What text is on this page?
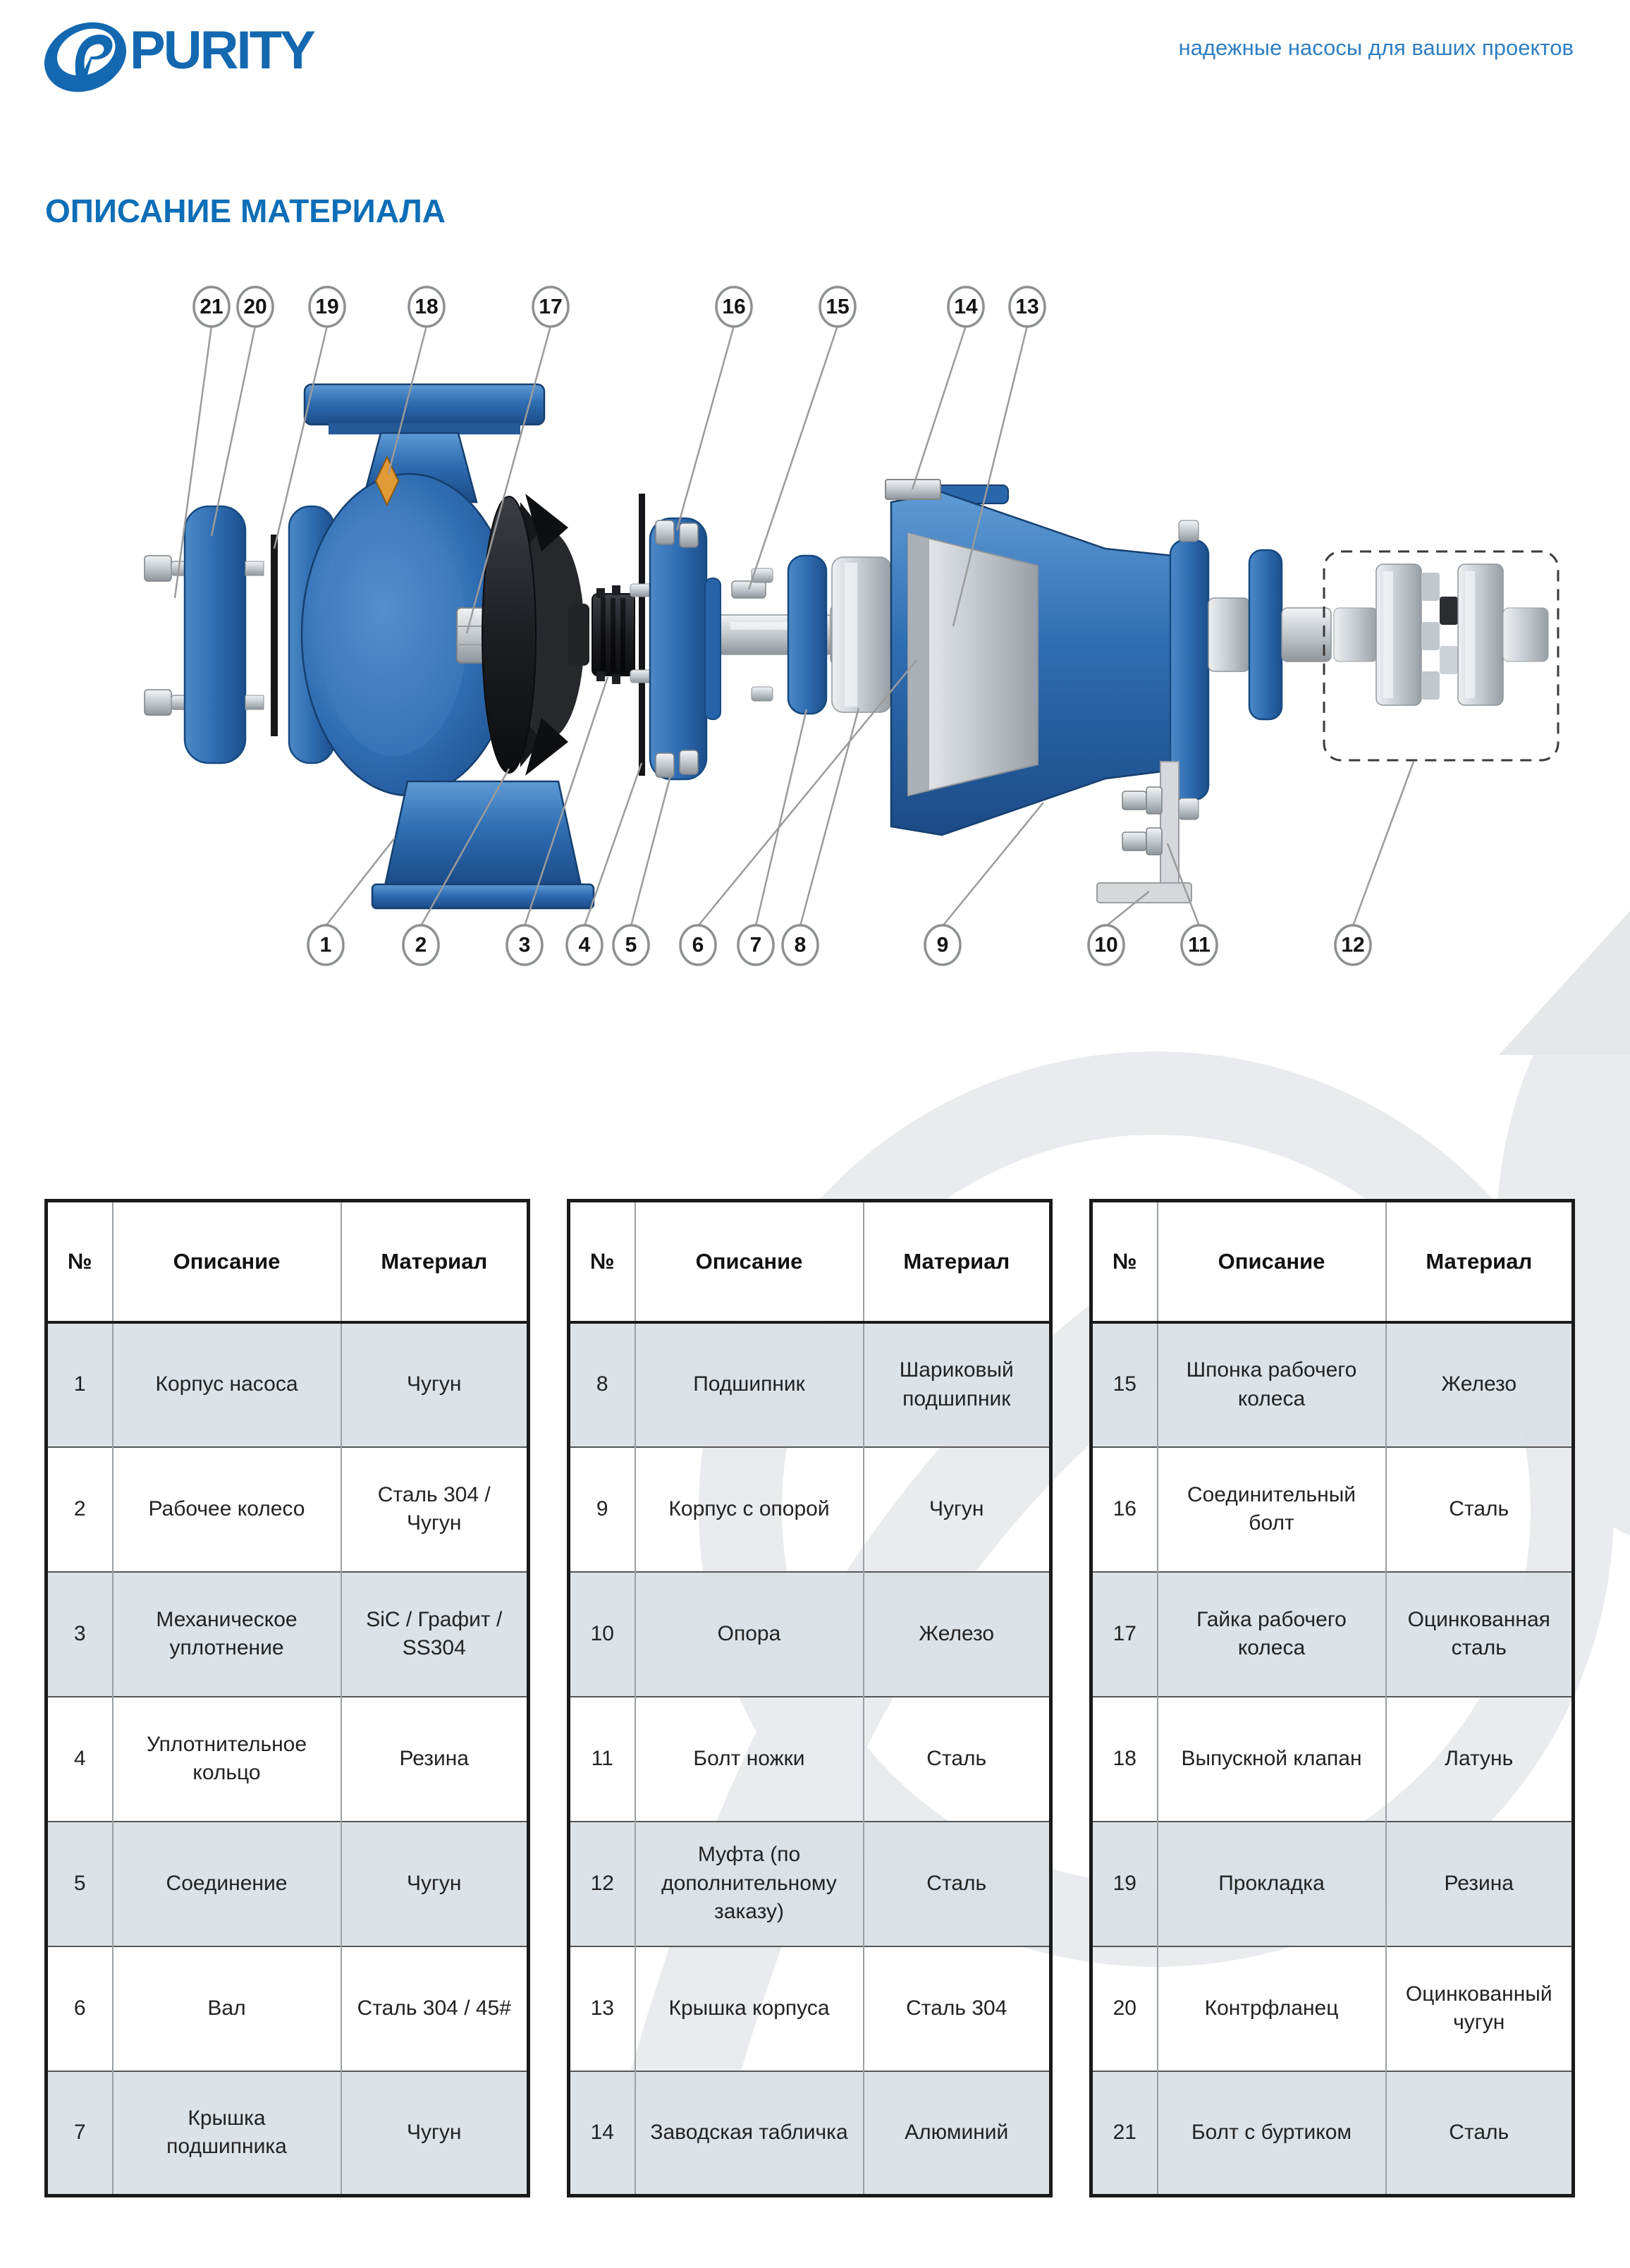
PURITY	надежные насосы для ваших проектов
ОПИСАНИЕ МАТЕРИАЛА
21 20 19	18	17	16	15	14 13
1	2	3 4 5	6 7 8	9	10	11	12
№	Описание	Материал
1	Корпус насоса	Чугун
2	Рабочее колесо	Сталь 304 / Чугун
3	Механическое уплотнение	SiC / Графит / SS304
4	Уплотнительное кольцо	Резина
5	Соединение	Чугун
6	Вал	Сталь 304 / 45#
7	Крышка подшипника	Чугун
№	Описание	Материал
8	Подшипник	Шариковый подшипник
9	Корпус с опорой	Чугун
10	Опора	Железо
11	Болт ножки	Сталь
12	Муфта (по дополнительному заказу)	Сталь
13	Крышка корпуса	Сталь 304
14	Заводская табличка	Алюминий
№	Описание	Материал
15	Шпонка рабочего колеса	Железо
16	Соединительный болт	Сталь
17	Гайка рабочего колеса	Оцинкованная сталь
18	Выпускной клапан	Латунь
19	Прокладка	Резина
20	Контрфланец	Оцинкованный чугун
21	Болт с буртиком	Сталь
